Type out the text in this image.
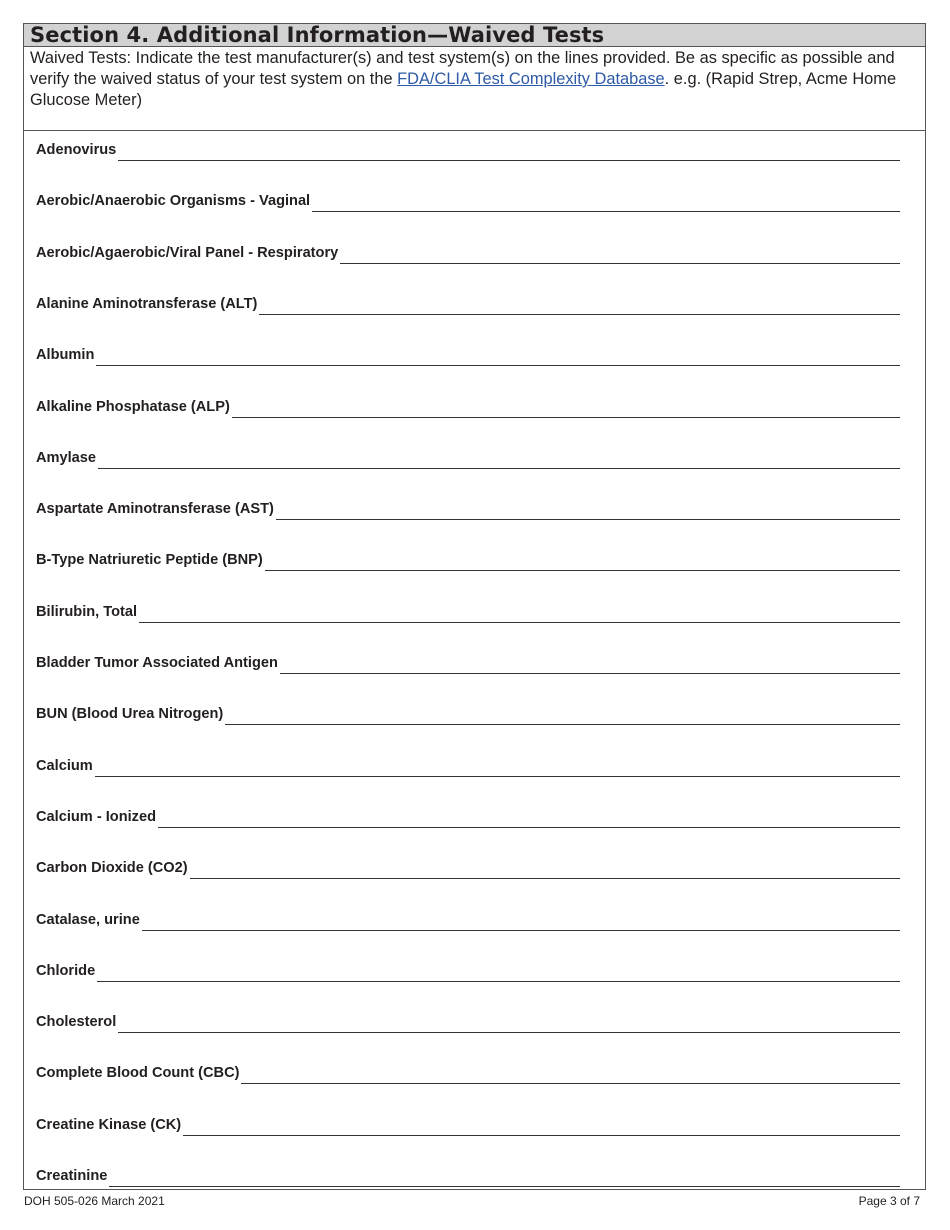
Section 4. Additional Information—Waived Tests
Waived Tests: Indicate the test manufacturer(s) and test system(s) on the lines provided. Be as specific as possible and verify the waived status of your test system on the FDA/CLIA Test Complexity Database. e.g. (Rapid Strep, Acme Home Glucose Meter)
Adenovirus
Aerobic/Anaerobic Organisms - Vaginal
Aerobic/Agaerobic/Viral Panel - Respiratory
Alanine Aminotransferase (ALT)
Albumin
Alkaline Phosphatase (ALP)
Amylase
Aspartate Aminotransferase (AST)
B-Type Natriuretic Peptide (BNP)
Bilirubin, Total
Bladder Tumor Associated Antigen
BUN (Blood Urea Nitrogen)
Calcium
Calcium - Ionized
Carbon Dioxide (CO2)
Catalase, urine
Chloride
Cholesterol
Complete Blood Count (CBC)
Creatine Kinase (CK)
Creatinine
DOH 505-026 March 2021	Page 3 of 7
